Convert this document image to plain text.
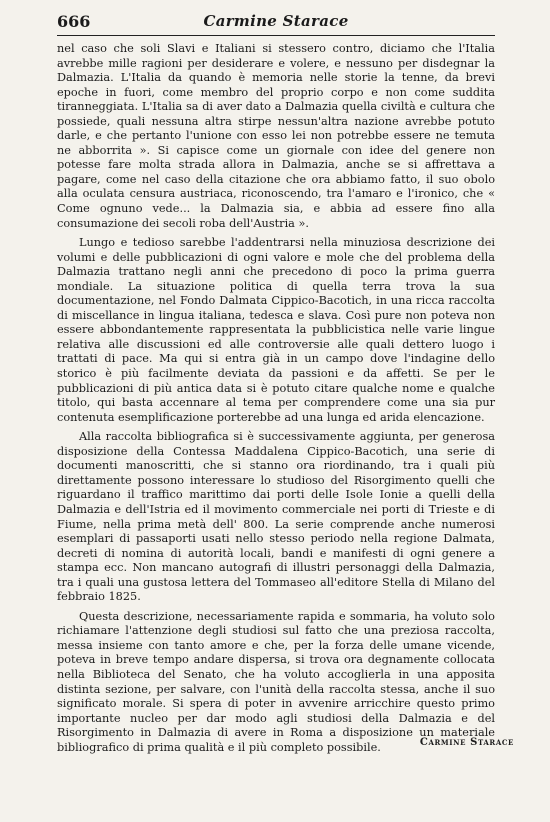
666	Carmine Starace

nel caso che soli Slavi e Italiani si stessero contro, diciamo che l'Italia avrebbe mille ragioni per desiderare e volere, e nessuno per disdegnar la Dalmazia. L'Italia da quando è memoria nelle storie la tenne, da brevi epoche in fuori, come membro del proprio corpo e non come suddita tiranneggiata. L'Italia sa di aver dato a Dalmazia quella civiltà e cultura che possiede, quali nessuna altra stirpe nessun'altra nazione avrebbe potuto darle, e che pertanto l'unione con esso lei non potrebbe essere ne temuta ne abborrita ». Si capisce come un giornale con idee del genere non potesse fare molta strada allora in Dalmazia, anche se si affrettava a pagare, come nel caso della citazione che ora abbiamo fatto, il suo obolo alla oculata censura austriaca, riconoscendo, tra l'amaro e l'ironico, che « Come ognuno vede... la Dalmazia sia, e abbia ad essere fino alla consumazione dei secoli roba dell'Austria ».

Lungo e tedioso sarebbe l'addentrarsi nella minuziosa descrizione dei volumi e delle pubblicazioni di ogni valore e mole che del problema della Dalmazia trattano negli anni che precedono di poco la prima guerra mondiale. La situazione politica di quella terra trova la sua documentazione, nel Fondo Dalmata Cippico-Bacotich, in una ricca raccolta di miscellance in lingua italiana, tedesca e slava. Così pure non poteva non essere abbondantemente rappresentata la pubblicistica nelle varie lingue relativa alle discussioni ed alle controversie alle quali dettero luogo i trattati di pace. Ma qui si entra già in un campo dove l'indagine dello storico è più facilmente deviata da passioni e da affetti. Se per le pubblicazioni di più antica data si è potuto citare qualche nome e qualche titolo, qui basta accennare al tema per comprendere come una sia pur contenuta esemplificazione porterebbe ad una lunga ed arida elencazione.

Alla raccolta bibliografica si è successivamente aggiunta, per generosa disposizione della Contessa Maddalena Cippico-Bacotich, una serie di documenti manoscritti, che si stanno ora riordinando, tra i quali più direttamente possono interessare lo studioso del Risorgimento quelli che riguardano il traffico marittimo dai porti delle Isole Ionie a quelli della Dalmazia e dell'Istria ed il movimento commerciale nei porti di Trieste e di Fiume, nella prima metà dell' 800. La serie comprende anche numerosi esemplari di passaporti usati nello stesso periodo nella regione Dalmata, decreti di nomina di autorità locali, bandi e manifesti di ogni genere a stampa ecc. Non mancano autografi di illustri personaggi della Dalmazia, tra i quali una gustosa lettera del Tommaseo all'editore Stella di Milano del febbraio 1825.

Questa descrizione, necessariamente rapida e sommaria, ha voluto solo richiamare l'attenzione degli studiosi sul fatto che una preziosa raccolta, messa insieme con tanto amore e che, per la forza delle umane vicende, poteva in breve tempo andare dispersa, si trova ora degnamente collocata nella Biblioteca del Senato, che ha voluto accoglierla in una apposita distinta sezione, per salvare, con l'unità della raccolta stessa, anche il suo significato morale. Si spera di poter in avvenire arricchire questo primo importante nucleo per dar modo agli studiosi della Dalmazia e del Risorgimento in Dalmazia di avere in Roma a disposizione un materiale bibliografico di prima qualità e il più completo possibile.	Carmine Starace
